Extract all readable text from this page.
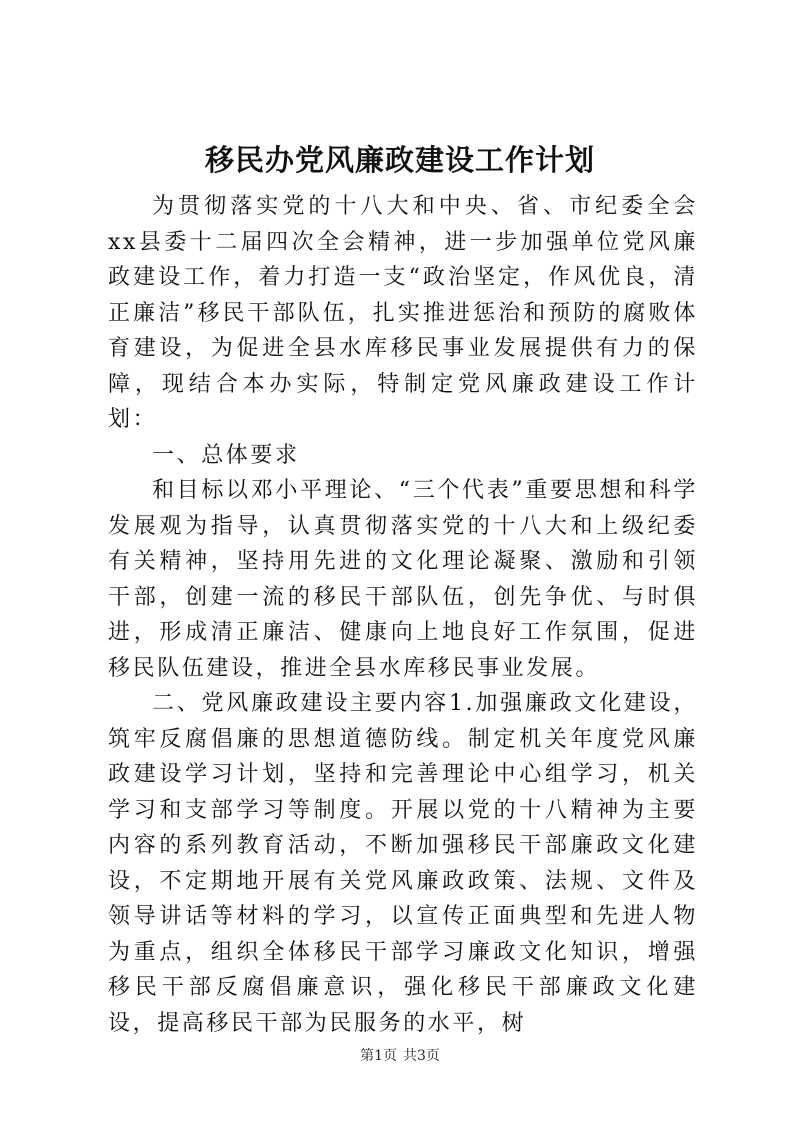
移民办党风廉政建设工作计划

为贯彻落实党的十八大和中央、省、市纪委全会xx县委十二届四次全会精神，进一步加强单位党风廉政建设工作，着力打造一支“政治坚定，作风优良，清正廉洁”移民干部队伍，扎实推进惩治和预防的腐败体育建设，为促进全县水库移民事业发展提供有力的保障，现结合本办实际，特制定党风廉政建设工作计划：

一、总体要求

和目标以邓小平理论、“三个代表”重要思想和科学发展观为指导，认真贯彻落实党的十八大和上级纪委有关精神，坚持用先进的文化理论凝聚、激励和引领干部，创建一流的移民干部队伍，创先争优、与时俱进，形成清正廉洁、健康向上地良好工作氛围，促进移民队伍建设，推进全县水库移民事业发展。

二、党风廉政建设主要内容1.加强廉政文化建设，筑牢反腐倡廉的思想道德防线。制定机关年度党风廉政建设学习计划，坚持和完善理论中心组学习，机关学习和支部学习等制度。开展以党的十八精神为主要内容的系列教育活动，不断加强移民干部廉政文化建设，不定期地开展有关党风廉政政策、法规、文件及领导讲话等材料的学习，以宣传正面典型和先进人物为重点，组织全体移民干部学习廉政文化知识，增强移民干部反腐倡廉意识，强化移民干部廉政文化建设，提高移民干部为民服务的水平，树

第1页 共3页
